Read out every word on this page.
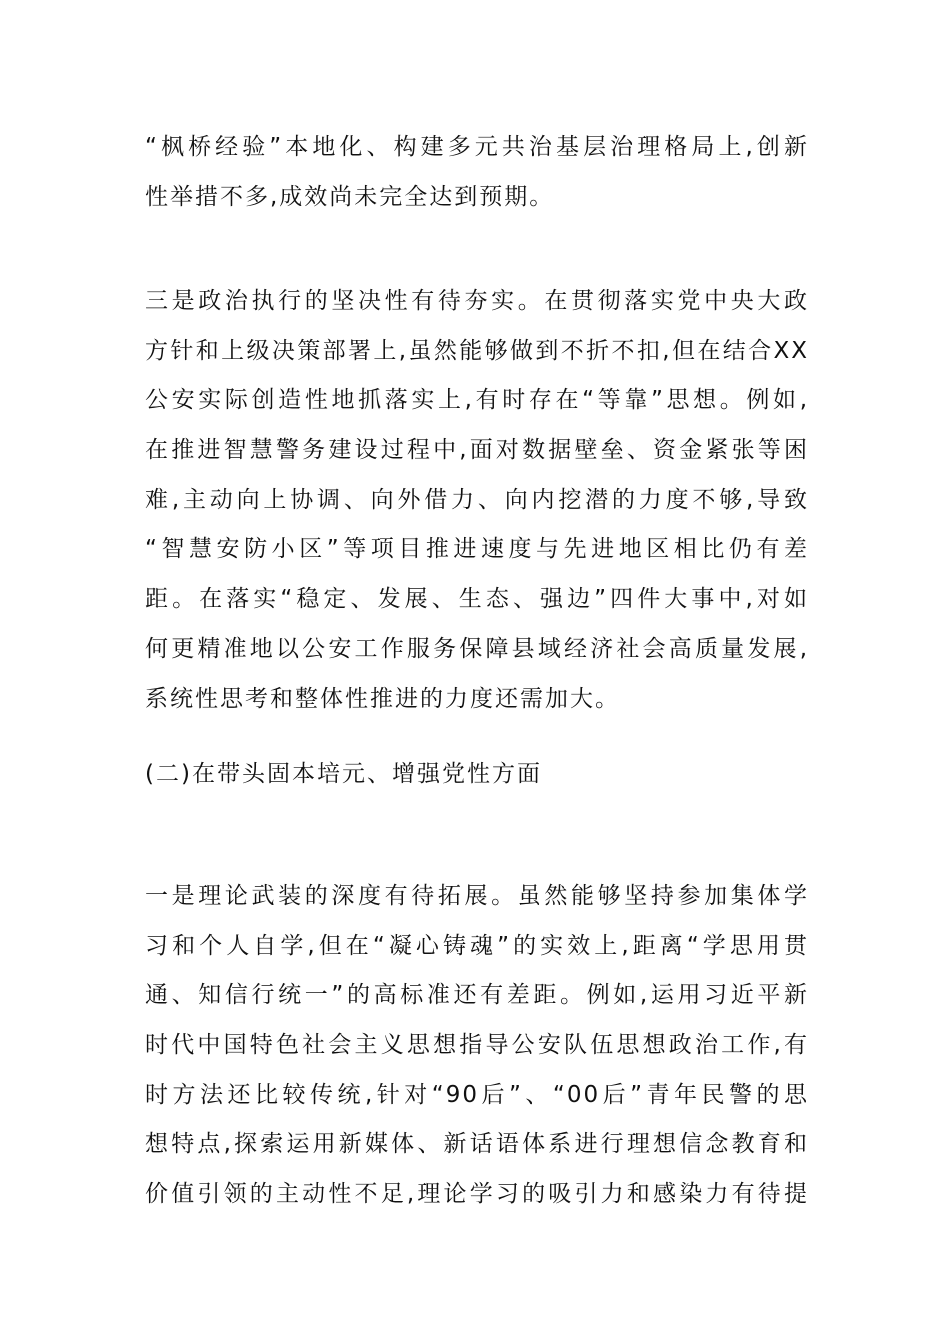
“枫桥经验”本地化、构建多元共治基层治理格局上,创新
性举措不多,成效尚未完全达到预期。
三是政治执行的坚决性有待夯实。在贯彻落实党中央大政
方针和上级决策部署上,虽然能够做到不折不扣,但在结合XX
公安实际创造性地抓落实上,有时存在“等靠”思想。例如,
在推进智慧警务建设过程中,面对数据壁垒、资金紧张等困
难,主动向上协调、向外借力、向内挖潜的力度不够,导致
“智慧安防小区”等项目推进速度与先进地区相比仍有差
距。在落实“稳定、发展、生态、强边”四件大事中,对如
何更精准地以公安工作服务保障县域经济社会高质量发展,
系统性思考和整体性推进的力度还需加大。
(二)在带头固本培元、增强党性方面
一是理论武装的深度有待拓展。虽然能够坚持参加集体学
习和个人自学,但在“凝心铸魂”的实效上,距离“学思用贯
通、知信行统一”的高标准还有差距。例如,运用习近平新
时代中国特色社会主义思想指导公安队伍思想政治工作,有
时方法还比较传统,针对“90后”、“00后”青年民警的思
想特点,探索运用新媒体、新话语体系进行理想信念教育和
价值引领的主动性不足,理论学习的吸引力和感染力有待提
